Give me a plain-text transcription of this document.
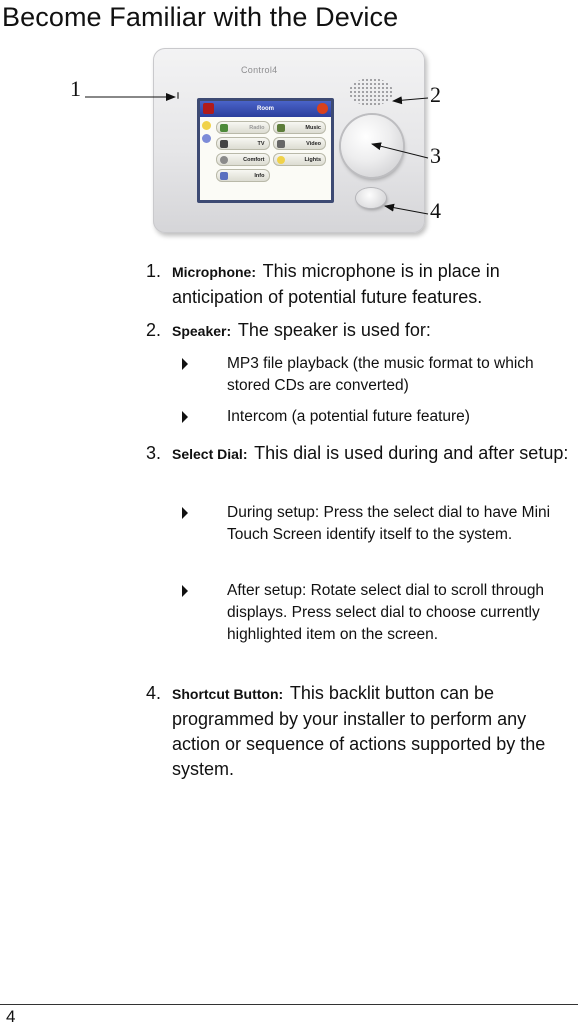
Become Familiar with the Device
1	2
3
4
Control4
Room
Radio	Music
TV	Video
Comfort	Lights
Info
1. Microphone: This microphone is in place in anticipation of potential future features.
2. Speaker: The speaker is used for:
MP3 file playback (the music format to which stored CDs are converted)
Intercom (a potential future feature)
3. Select Dial: This dial is used during and after setup:
During setup: Press the select dial to have Mini Touch Screen identify itself to the system.
After setup: Rotate select dial to scroll through displays. Press select dial to choose currently highlighted item on the screen.
4. Shortcut Button: This backlit button can be programmed by your installer to perform any action or sequence of actions supported by the system.
4
